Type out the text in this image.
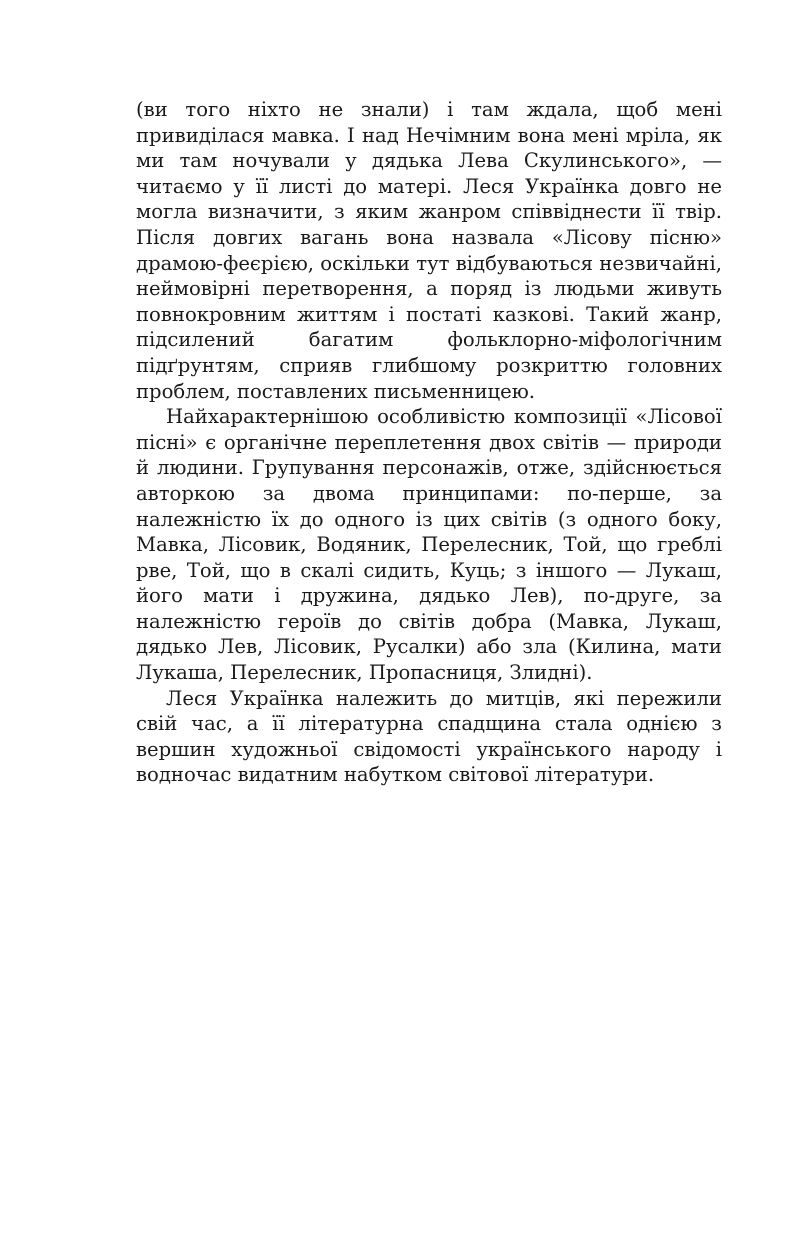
(ви того ніхто не знали) і там ждала, щоб мені привиділася мавка. І над Нечімним вона мені мріла, як ми там ночували у дядька Лева Скулинського», — читаємо у її листі до матері. Леся Українка довго не могла визначити, з яким жанром співвіднести її твір. Після довгих вагань вона назвала «Лісову пісню» драмою-феєрією, оскільки тут відбуваються незвичайні, неймовірні перетворення, а поряд із людьми живуть повнокровним життям і постаті казкові. Такий жанр, підсилений багатим фольклорно-міфологічним підґрунтям, сприяв глибшому розкриттю головних проблем, поставлених письменницею.

Найхарактернішою особливістю композиції «Лісової пісні» є органічне переплетення двох світів — природи й людини. Групування персонажів, отже, здійснюється авторкою за двома принципами: по-перше, за належністю їх до одного із цих світів (з одного боку, Мавка, Лісовик, Водяник, Перелесник, Той, що греблі рве, Той, що в скалі сидить, Куць; з іншого — Лукаш, його мати і дружина, дядько Лев), по-друге, за належністю героїв до світів добра (Мавка, Лукаш, дядько Лев, Лісовик, Русалки) або зла (Килина, мати Лукаша, Перелесник, Пропасниця, Злидні).

Леся Українка належить до митців, які пережили свій час, а її літературна спадщина стала однією з вершин художньої свідомості українського народу і водночас видатним набутком світової літератури.
